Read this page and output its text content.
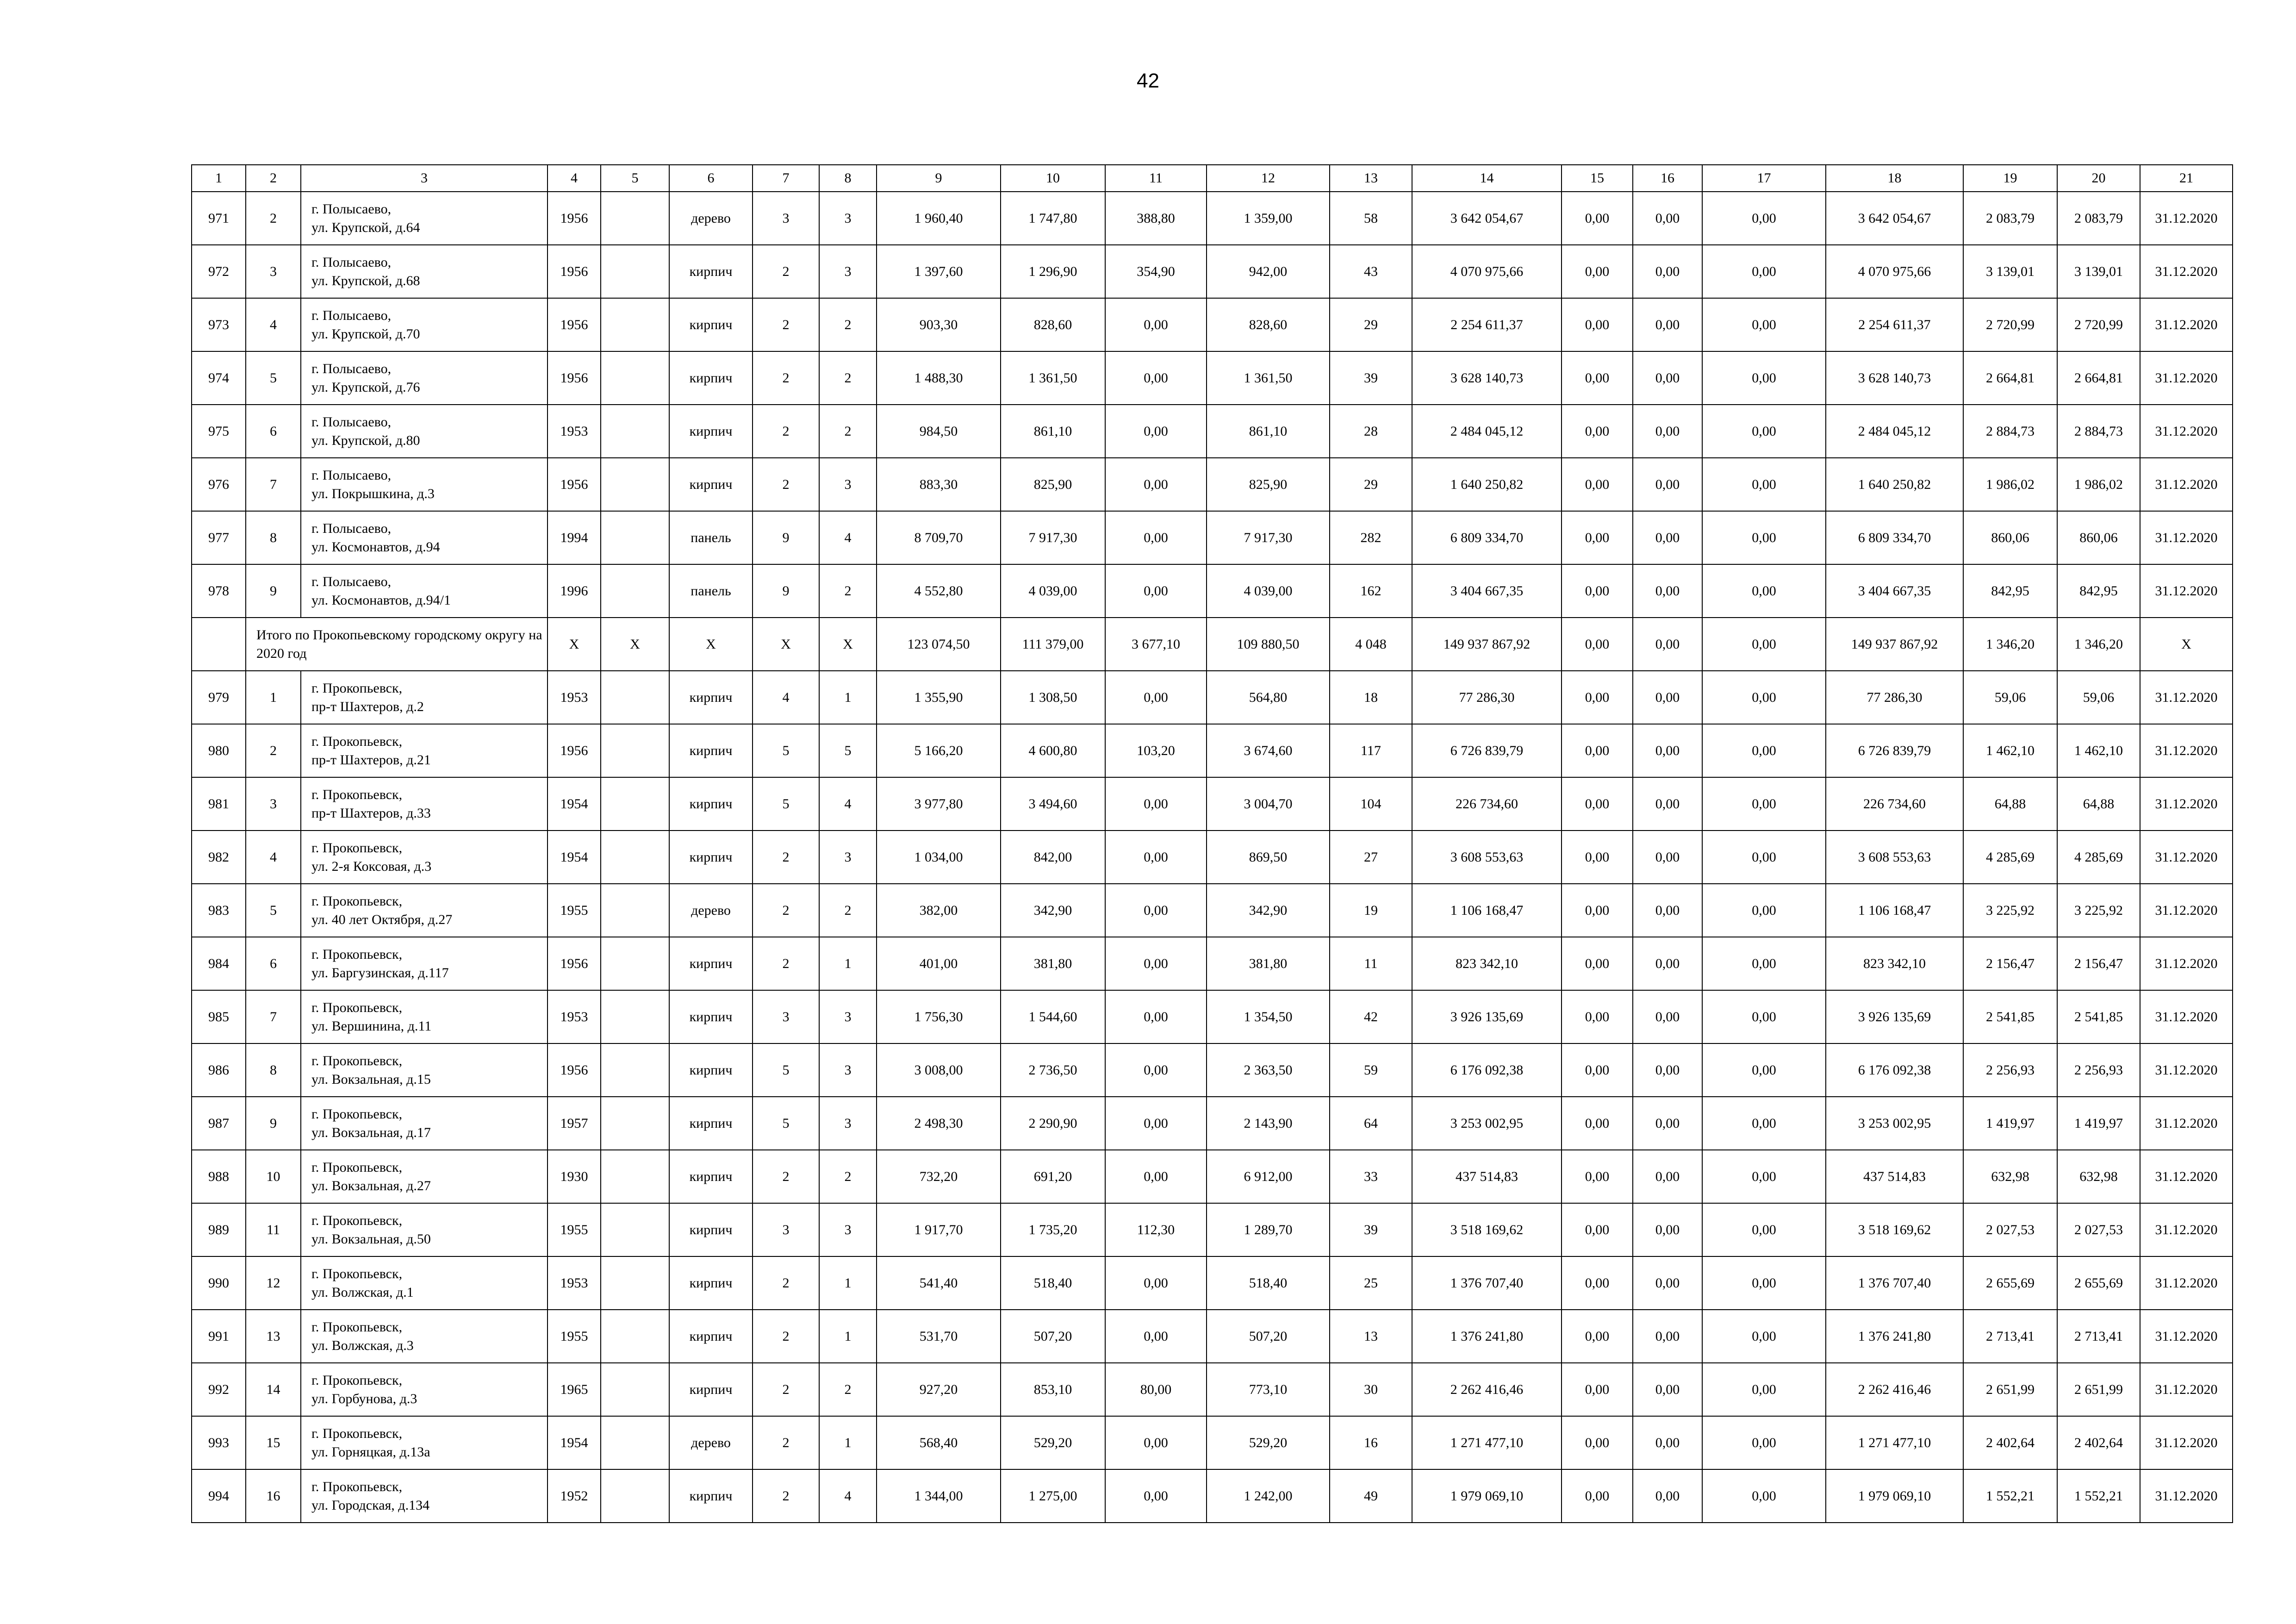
42
1	2	3	4	5	6	7	8	9	10	11	12	13	14	15	16	17	18	19	20	21
971	2	г. Полысаево,
ул. Крупской, д.64	1956		дерево	3	3	1 960,40	1 747,80	388,80	1 359,00	58	3 642 054,67	0,00	0,00	0,00	3 642 054,67	2 083,79	2 083,79	31.12.2020
972	3	г. Полысаево,
ул. Крупской, д.68	1956		кирпич	2	3	1 397,60	1 296,90	354,90	942,00	43	4 070 975,66	0,00	0,00	0,00	4 070 975,66	3 139,01	3 139,01	31.12.2020
973	4	г. Полысаево,
ул. Крупской, д.70	1956		кирпич	2	2	903,30	828,60	0,00	828,60	29	2 254 611,37	0,00	0,00	0,00	2 254 611,37	2 720,99	2 720,99	31.12.2020
974	5	г. Полысаево,
ул. Крупской, д.76	1956		кирпич	2	2	1 488,30	1 361,50	0,00	1 361,50	39	3 628 140,73	0,00	0,00	0,00	3 628 140,73	2 664,81	2 664,81	31.12.2020
975	6	г. Полысаево,
ул. Крупской, д.80	1953		кирпич	2	2	984,50	861,10	0,00	861,10	28	2 484 045,12	0,00	0,00	0,00	2 484 045,12	2 884,73	2 884,73	31.12.2020
976	7	г. Полысаево,
ул. Покрышкина, д.3	1956		кирпич	2	3	883,30	825,90	0,00	825,90	29	1 640 250,82	0,00	0,00	0,00	1 640 250,82	1 986,02	1 986,02	31.12.2020
977	8	г. Полысаево,
ул. Космонавтов, д.94	1994		панель	9	4	8 709,70	7 917,30	0,00	7 917,30	282	6 809 334,70	0,00	0,00	0,00	6 809 334,70	860,06	860,06	31.12.2020
978	9	г. Полысаево,
ул. Космонавтов, д.94/1	1996		панель	9	2	4 552,80	4 039,00	0,00	4 039,00	162	3 404 667,35	0,00	0,00	0,00	3 404 667,35	842,95	842,95	31.12.2020
	Итого по Прокопьевскому городскому округу на 2020 год		X	X	X	X	X	123 074,50	111 379,00	3 677,10	109 880,50	4 048	149 937 867,92	0,00	0,00	0,00	149 937 867,92	1 346,20	1 346,20	X
979	1	г. Прокопьевск,
пр-т Шахтеров, д.2	1953		кирпич	4	1	1 355,90	1 308,50	0,00	564,80	18	77 286,30	0,00	0,00	0,00	77 286,30	59,06	59,06	31.12.2020
980	2	г. Прокопьевск,
пр-т Шахтеров, д.21	1956		кирпич	5	5	5 166,20	4 600,80	103,20	3 674,60	117	6 726 839,79	0,00	0,00	0,00	6 726 839,79	1 462,10	1 462,10	31.12.2020
981	3	г. Прокопьевск,
пр-т Шахтеров, д.33	1954		кирпич	5	4	3 977,80	3 494,60	0,00	3 004,70	104	226 734,60	0,00	0,00	0,00	226 734,60	64,88	64,88	31.12.2020
982	4	г. Прокопьевск,
ул. 2-я Коксовая, д.3	1954		кирпич	2	3	1 034,00	842,00	0,00	869,50	27	3 608 553,63	0,00	0,00	0,00	3 608 553,63	4 285,69	4 285,69	31.12.2020
983	5	г. Прокопьевск,
ул. 40 лет Октября, д.27	1955		дерево	2	2	382,00	342,90	0,00	342,90	19	1 106 168,47	0,00	0,00	0,00	1 106 168,47	3 225,92	3 225,92	31.12.2020
984	6	г. Прокопьевск,
ул. Баргузинская, д.117	1956		кирпич	2	1	401,00	381,80	0,00	381,80	11	823 342,10	0,00	0,00	0,00	823 342,10	2 156,47	2 156,47	31.12.2020
985	7	г. Прокопьевск,
ул. Вершинина, д.11	1953		кирпич	3	3	1 756,30	1 544,60	0,00	1 354,50	42	3 926 135,69	0,00	0,00	0,00	3 926 135,69	2 541,85	2 541,85	31.12.2020
986	8	г. Прокопьевск,
ул. Вокзальная, д.15	1956		кирпич	5	3	3 008,00	2 736,50	0,00	2 363,50	59	6 176 092,38	0,00	0,00	0,00	6 176 092,38	2 256,93	2 256,93	31.12.2020
987	9	г. Прокопьевск,
ул. Вокзальная, д.17	1957		кирпич	5	3	2 498,30	2 290,90	0,00	2 143,90	64	3 253 002,95	0,00	0,00	0,00	3 253 002,95	1 419,97	1 419,97	31.12.2020
988	10	г. Прокопьевск,
ул. Вокзальная, д.27	1930		кирпич	2	2	732,20	691,20	0,00	6 912,00	33	437 514,83	0,00	0,00	0,00	437 514,83	632,98	632,98	31.12.2020
989	11	г. Прокопьевск,
ул. Вокзальная, д.50	1955		кирпич	3	3	1 917,70	1 735,20	112,30	1 289,70	39	3 518 169,62	0,00	0,00	0,00	3 518 169,62	2 027,53	2 027,53	31.12.2020
990	12	г. Прокопьевск,
ул. Волжская, д.1	1953		кирпич	2	1	541,40	518,40	0,00	518,40	25	1 376 707,40	0,00	0,00	0,00	1 376 707,40	2 655,69	2 655,69	31.12.2020
991	13	г. Прокопьевск,
ул. Волжская, д.3	1955		кирпич	2	1	531,70	507,20	0,00	507,20	13	1 376 241,80	0,00	0,00	0,00	1 376 241,80	2 713,41	2 713,41	31.12.2020
992	14	г. Прокопьевск,
ул. Горбунова, д.3	1965		кирпич	2	2	927,20	853,10	80,00	773,10	30	2 262 416,46	0,00	0,00	0,00	2 262 416,46	2 651,99	2 651,99	31.12.2020
993	15	г. Прокопьевск,
ул. Горняцкая, д.13а	1954		дерево	2	1	568,40	529,20	0,00	529,20	16	1 271 477,10	0,00	0,00	0,00	1 271 477,10	2 402,64	2 402,64	31.12.2020
994	16	г. Прокопьевск,
ул. Городская, д.134	1952		кирпич	2	4	1 344,00	1 275,00	0,00	1 242,00	49	1 979 069,10	0,00	0,00	0,00	1 979 069,10	1 552,21	1 552,21	31.12.2020
